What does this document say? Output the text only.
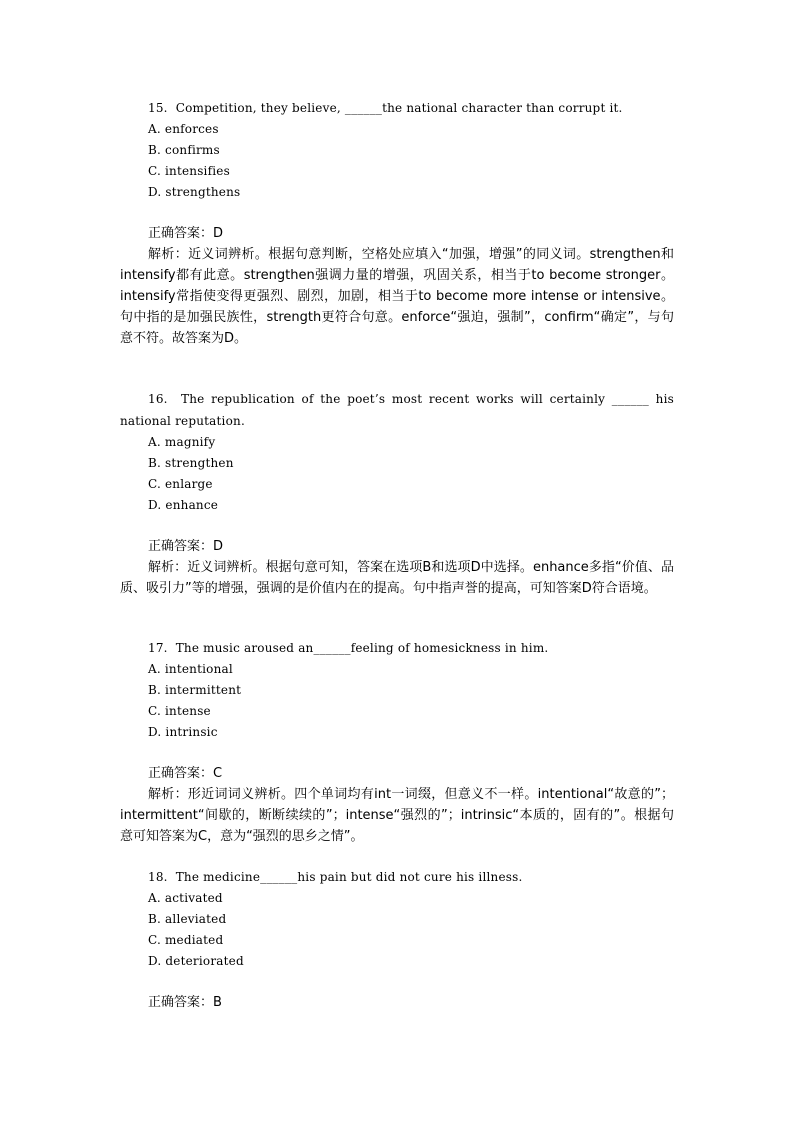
15. Competition, they believe, ______the national character than corrupt it.

A. enforces

B. confirms

C. intensifies

D. strengthens

正确答案：D

解析：近义词辨析。根据句意判断，空格处应填入“加强，增强”的同义词。strengthen和intensify都有此意。strengthen强调力量的增强，巩固关系，相当于to become stronger。intensify常指使变得更强烈、剧烈，加剧，相当于to become more intense or intensive。句中指的是加强民族性，strength更符合句意。enforce“强迫，强制”，confirm“确定”，与句意不符。故答案为D。

16. The republication of the poet’s most recent works will certainly ______ his national reputation.

A. magnify

B. strengthen

C. enlarge

D. enhance

正确答案：D

解析：近义词辨析。根据句意可知，答案在选项B和选项D中选择。enhance多指“价值、品质、吸引力”等的增强，强调的是价值内在的提高。句中指声誉的提高，可知答案D符合语境。

17. The music aroused an______feeling of homesickness in him.

A. intentional

B. intermittent

C. intense

D. intrinsic

正确答案：C

解析：形近词词义辨析。四个单词均有int一词缀，但意义不一样。intentional“故意的”；intermittent“间歇的，断断续续的”；intense“强烈的”；intrinsic“本质的，固有的”。根据句意可知答案为C，意为“强烈的思乡之情”。

18. The medicine______his pain but did not cure his illness.

A. activated

B. alleviated

C. mediated

D. deteriorated

正确答案：B
